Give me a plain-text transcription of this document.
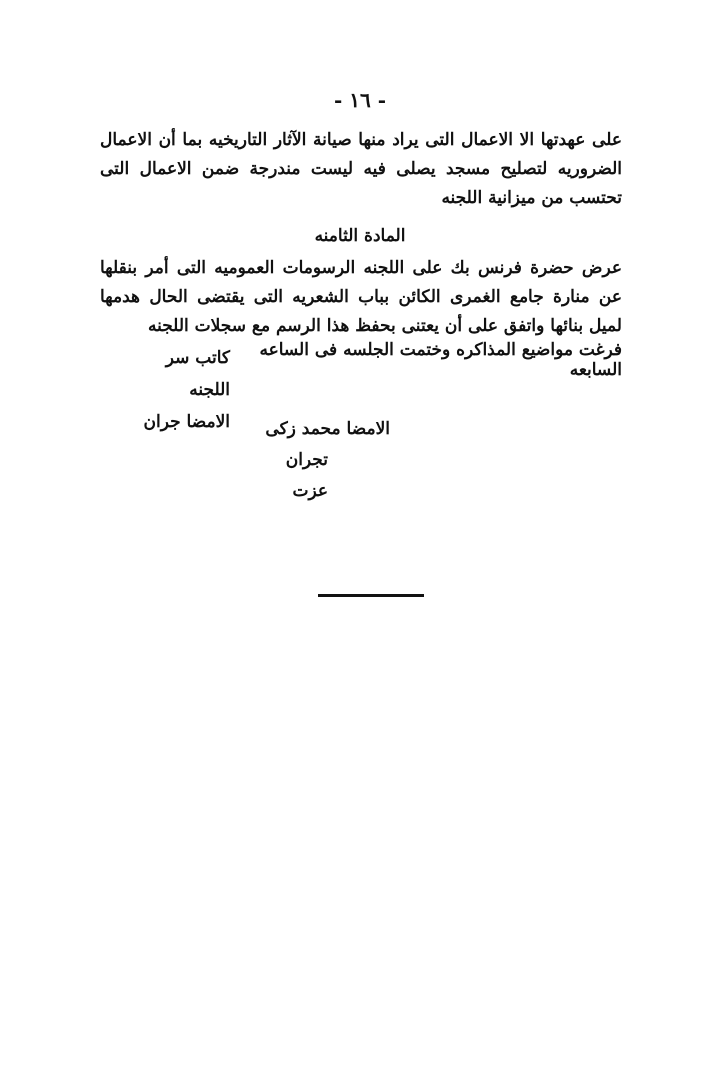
- ١٦ -
على عهدتها الا الاعمال التى يراد منها صيانة الآثار التاريخيه بما أن الاعمال الضروريه لتصليح مسجد يصلى فيه ليست مندرجة ضمن الاعمال التى تحتسب من ميزانية اللجنه
المادة الثامنه
عرض حضرة فرنس بك على اللجنه الرسومات العموميه التى أمر بنقلها عن منارة جامع الغمرى الكائن بباب الشعريه التى يقتضى الحال هدمها لميل بنائها واتفق على أن يعتنى بحفظ هذا الرسم مع سجلات اللجنه
فرغت مواضيع المذاكره وختمت الجلسه فى الساعه السابعه
كاتب سر اللجنه
الامضا جران	الامضا محمد زكى
تجران
عزت
